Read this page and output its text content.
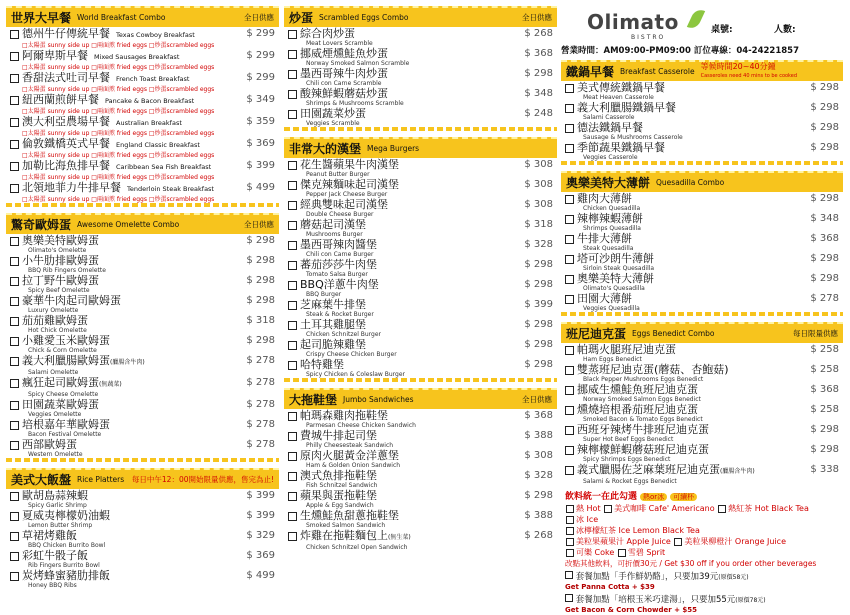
世界大早餐 World Breakfast Combo	全日供應
德州牛仔傳統早餐 Texas Cowboy Breakfast
□太陽蛋 sunny side up □兩面煎 fried eggs □炒蛋scrambled eggs
$ 299
阿爾卑斯早餐 Mixed Sausages Breakfast
□太陽蛋 sunny side up □兩面煎 fried eggs □炒蛋scrambled eggs
$ 299
香甜法式吐司早餐 French Toast Breakfast
□太陽蛋 sunny side up □兩面煎 fried eggs □炒蛋scrambled eggs
$ 299
紐西蘭煎餅早餐 Pancake & Bacon Breakfast
□太陽蛋 sunny side up □兩面煎 fried eggs □炒蛋scrambled eggs
$ 349
澳大利亞農場早餐 Australian Breakfast
□太陽蛋 sunny side up □兩面煎 fried eggs □炒蛋scrambled eggs
$ 359
倫敦鐵橋英式早餐 England Classic Breakfast
□太陽蛋 sunny side up □兩面煎 fried eggs □炒蛋scrambled eggs
$ 369
加勒比海魚排早餐 Caribbean Sea Fish Breakfast
□太陽蛋 sunny side up □兩面煎 fried eggs □炒蛋scrambled eggs
$ 399
北領地菲力牛排早餐 Tenderloin Steak Breakfast
□太陽蛋 sunny side up □兩面煎 fried eggs □炒蛋scrambled eggs
$ 499
驚奇歐姆蛋 Awesome Omelette Combo	全日供應
奧樂美特歐姆蛋
Olimato's Omelette
$ 298
小牛肋排歐姆蛋
BBQ Rib Fingers Omelette
$ 298
拉丁野牛歐姆蛋
Spicy Beef Omelette
$ 298
豪華牛肉起司歐姆蛋
Luxury Omelette
$ 298
茄茄雞歐姆蛋
Hot Chick Omelette
$ 318
小雞愛玉米歐姆蛋
Chick & Corn Omelette
$ 298
義大利臘腸歐姆蛋(臘腸含牛肉)
Salami Omelette
$ 278
瘋狂起司歐姆蛋(無蔬菜)
Spicy Cheese Omelette
$ 278
田園蔬菜歐姆蛋
Veggies Omelette
$ 278
培根嘉年華歐姆蛋
Bacon Festival Omelette
$ 278
西部歐姆蛋
Western Omelette
$ 278
美式大飯盤 Rice Platters 每日中午12：00開始限量供應，售完為止!
歐胡島蒜辣蝦
Spicy Garlic Shrimp
$ 399
夏威夷檸檬奶油蝦
Lemon Butter Shrimp
$ 399
草裙烤雞飯
BBQ Chicken Burrito Bowl
$ 329
彩虹牛骰子飯
Rib Fingers Burrito Bowl
$ 369
炭烤蜂蜜豬肋排飯
Honey BBQ Ribs
$ 499
炒蛋 Scrambled Eggs Combo	全日供應
綜合肉炒蛋
Meat Lovers Scramble
$ 268
挪威煙燻鮭魚炒蛋
Norway Smoked Salmon Scramble
$ 368
墨西哥辣牛肉炒蛋
Chili con Carne Scramble
$ 298
酸辣鮮蝦蘑菇炒蛋
Shrimps & Mushrooms Scramble
$ 348
田園蔬菜炒蛋
Veggies Scramble
$ 248
非常大的漢堡 Mega Burgers
花生醬蘋果牛肉漢堡
Peanut Butter Burger
$ 308
傑克辣麵味起司漢堡
Pepper Jack Cheese Burger
$ 308
經典雙味起司漢堡
Double Cheese Burger
$ 308
蘑菇起司漢堡
Mushrooms Burger
$ 318
墨西哥辣肉醬堡
Chili con Carne Burger
$ 328
蕃茄莎莎牛肉堡
Tomato Salsa Burger
$ 298
BBQ洋蔥牛肉堡
BBQ Burger
$ 298
芝麻葉牛排堡
Steak & Rocket Burger
$ 399
土耳其雞腿堡
Chicken Schnitzel Burger
$ 298
起司脆辣雞堡
Crispy Cheese Chicken Burger
$ 298
哈特雞堡
Spicy Chicken & Coleslaw Burger
$ 298
大拖鞋堡 Jumbo Sandwiches	全日供應
帕瑪森雞肉拖鞋堡
Parmesan Cheese Chicken Sandwich
$ 368
費城牛排起司堡
Philly Cheesesteak Sandwich
$ 388
原肉火腿黃金洋蔥堡
Ham & Golden Onion Sandwich
$ 308
澳式魚排拖鞋堡
Fish Schnitzel Sandwich
$ 328
蘋果與蛋拖鞋堡
Apple & Egg Sandwich
$ 298
生燻鮭魚甜蔥拖鞋堡
Smoked Salmon Sandwich
$ 388
炸雞在拖鞋麵包上(無生菜)
Chicken Schnitzel Open Sandwich
$ 268
Olimato
BISTRO
桌號:	人數:
營業時間：AM09:00-PM09:00 訂位專線：04-24221857
鐵鍋早餐 Breakfast Casserole
等候時間20~40分鐘
Casseroles need 40 mins to be cooked
美式傳統鐵鍋早餐
Meat Heaven Casserole
$ 298
義大利臘腸鐵鍋早餐
Salami Casserole
$ 298
德法鐵鍋早餐
Sausage & Mushrooms Casserole
$ 298
季節蔬果鐵鍋早餐
Veggies Casserole
$ 298
奧樂美特大薄餅 Quesadilla Combo
雞肉大薄餅
Chicken Quesadilla
$ 298
辣檸辣蝦薄餅
Shrimps Quesadilla
$ 348
牛排大薄餅
Steak Quesadilla
$ 368
塔可沙朗牛薄餅
Sirloin Steak Quesadilla
$ 298
奧樂美特大薄餅
Olimato's Quesadilla
$ 298
田園大薄餅
Veggies Quesadilla
$ 278
班尼迪克蛋 Eggs Benedict Combo	每日限量供應
帕瑪火腿班尼迪克蛋
Ham Eggs Benedict
$ 258
雙蒸班尼迪克蛋(蘑菇、杏鮑菇)
Black Pepper Mushrooms Eggs Benedict
$ 258
挪威生燻鮭魚班尼迪克蛋
Norway Smoked Salmon Eggs Benedict
$ 368
燻燒培根番茄班尼迪克蛋
Smoked Bacon & Tomato Eggs Benedict
$ 258
西班牙辣烤牛排班尼迪克蛋
Super Hot Beef Eggs Benedict
$ 298
辣檸檬鮮蝦蘑菇班尼迪克蛋
Spicy Shrimps Eggs Benedict
$ 298
義式臘腸佐芝麻葉班尼迪克蛋(臘腸含牛肉)
Salami & Rocket Eggs Benedict
$ 338
飲料統一在此勾選 熱or冰 可續杯
熱 Hot 美式咖啡 Cafe' Americano 熱紅茶 Hot Black Tea
冰 Ice
冰檸檬紅茶 Ice Lemon Black Tea
美粒果蘋果汁 Apple Juice 美粒果柳橙汁 Orange Juice
可樂 Coke 雪碧 Sprit
改點其他飲料，可折價30元 / Get $30 off if you order other beverages
套餐加點「手作鮮奶酪」，只要加39元(原價58元)
Get Panna Cotta + $39
套餐加點「培根玉米巧達湯」，只要加55元(原價78元)
Get Bacon & Corn Chowder + $55
